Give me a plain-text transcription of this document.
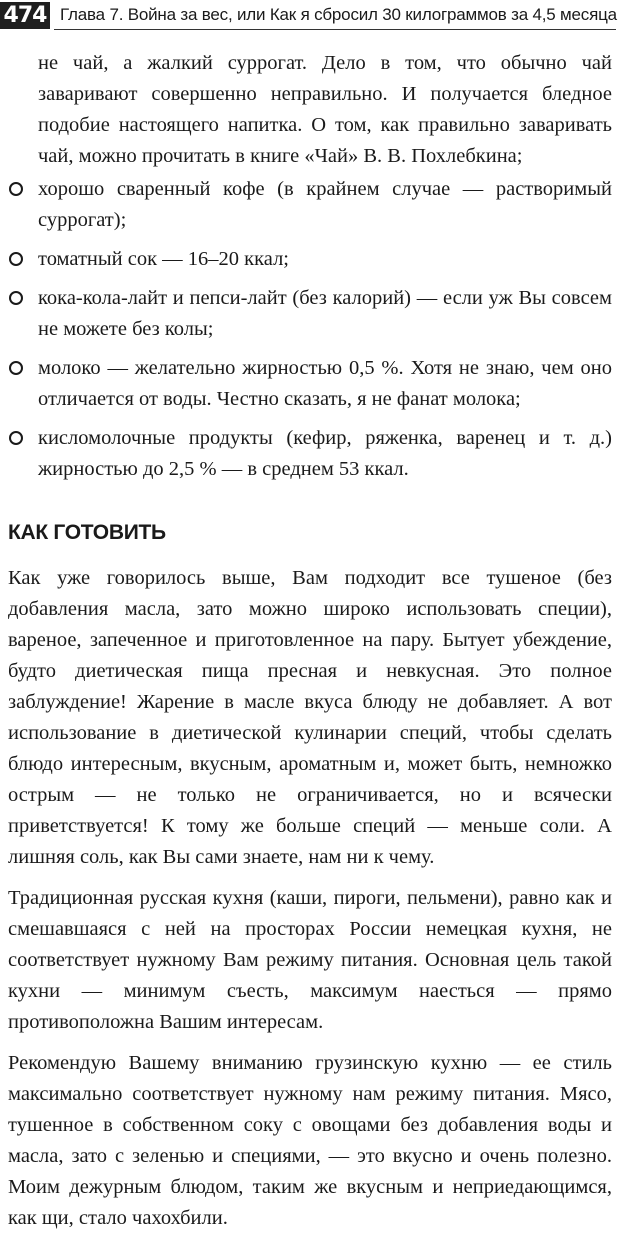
474 Глава 7. Война за вес, или Как я сбросил 30 килограммов за 4,5 месяца

не чай, а жалкий суррогат. Дело в том, что обычно чай заваривают совершенно неправильно. И получается бледное подобие настоящего напитка. О том, как правильно заваривать чай, можно прочитать в книге «Чай» В. В. Похлебкина;

хорошо сваренный кофе (в крайнем случае — растворимый суррогат);
томатный сок — 16–20 ккал;
кока-кола-лайт и пепси-лайт (без калорий) — если уж Вы совсем не можете без колы;
молоко — желательно жирностью 0,5 %. Хотя не знаю, чем оно отличается от воды. Честно сказать, я не фанат молока;
кисломолочные продукты (кефир, ряженка, варенец и т. д.) жирностью до 2,5 % — в среднем 53 ккал.
КАК ГОТОВИТЬ

Как уже говорилось выше, Вам подходит все тушеное (без добавления масла, зато можно широко использовать специи), вареное, запеченное и приготовленное на пару. Бытует убеждение, будто диетическая пища пресная и невкусная. Это полное заблуждение! Жарение в масле вкуса блюду не добавляет. А вот использование в диетической кулинарии специй, чтобы сделать блюдо интересным, вкусным, ароматным и, может быть, немножко острым — не только не ограничивается, но и всячески приветствуется! К тому же больше специй — меньше соли. А лишняя соль, как Вы сами знаете, нам ни к чему.

Традиционная русская кухня (каши, пироги, пельмени), равно как и смешавшаяся с ней на просторах России немецкая кухня, не соответствует нужному Вам режиму питания. Основная цель такой кухни — минимум съесть, максимум наесться — прямо противоположна Вашим интересам.

Рекомендую Вашему вниманию грузинскую кухню — ее стиль максимально соответствует нужному нам режиму питания. Мясо, тушенное в собственном соку с овощами без добавления воды и масла, зато с зеленью и специями, — это вкусно и очень полезно. Моим дежурным блюдом, таким же вкусным и неприедающимся, как щи, стало чахохбили.
